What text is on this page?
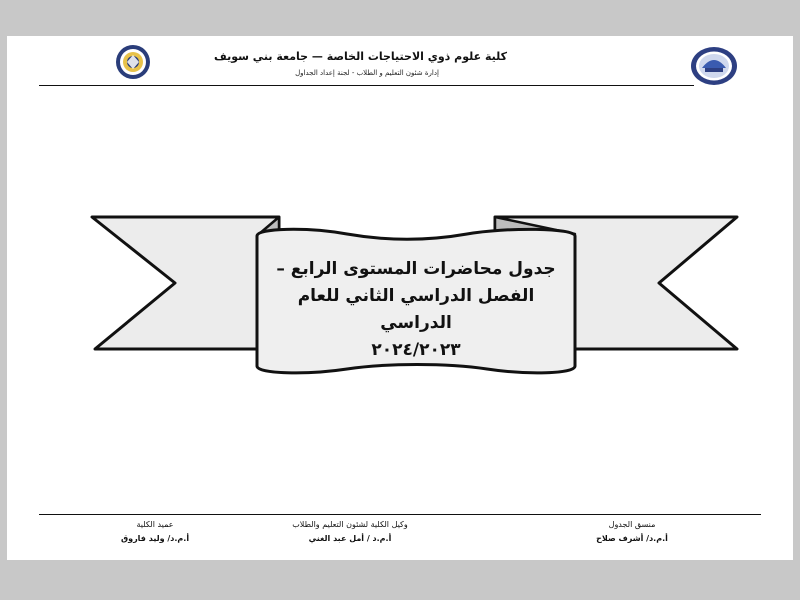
كلية علوم ذوي الاحتياجات الخاصة — جامعة بني سويف
إدارة شئون التعليم و الطلاب - لجنة إعداد الجداول
جدول محاضرات المستوى الرابع –
الفصل الدراسي الثاني للعام الدراسي
٢٠٢٤/٢٠٢٣
عميد الكلية
أ.م.د/ وليد فاروق
وكيل الكلية لشئون التعليم والطلاب
أ.م.د / أمل عبد الغني
منسق الجدول
أ.م.د/ أشرف صلاح
